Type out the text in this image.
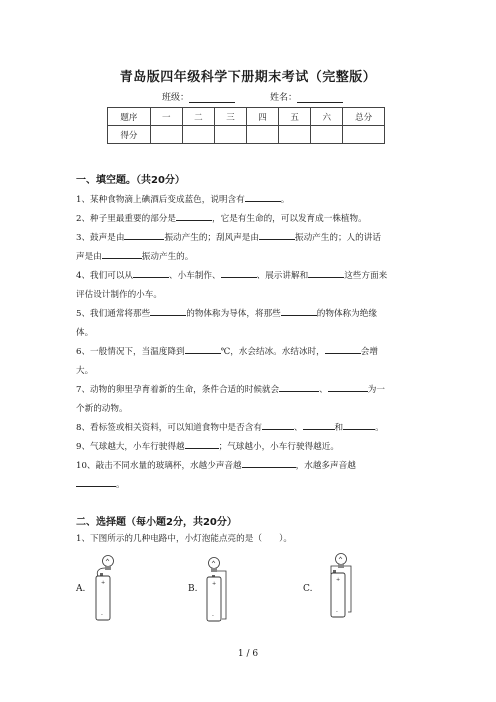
青岛版四年级科学下册期末考试（完整版）
班级：	姓名：
题序	一	二	三	四	五	六	总分
得分							
一、填空题。（共20分）
1、某种食物滴上碘酒后变成蓝色，说明含有	。
2、种子里最重要的部分是	，它是有生命的，可以发育成一株植物。
3、鼓声是由	振动产生的；刮风声是由	振动产生的；人的讲话
声是由	振动产生的。
4、我们可以从	、小车制作、	、展示讲解和	这些方面来
评估设计制作的小车。
5、我们通常将那些	的物体称为导体，将那些	的物体称为绝缘
体。
6、一般情况下，当温度降到	℃，水会结冰。水结冰时，	会增
大。
7、动物的卵里孕育着新的生命，条件合适的时候就会	、	为一
个新的动物。
8、看标签或相关资料，可以知道食物中是否含有	、	和	。
9、气球越大，小车行驶得越	；气球越小，小车行驶得越近。
10、敲击不同水量的玻璃杯，水越少声音越	，水越多声音越
。
二、选择题（每小题2分，共20分）
1、下图所示的几种电路中，小灯泡能点亮的是（　　）。
A.	B.	C.
+
-
+
-
+
-
1 / 6
